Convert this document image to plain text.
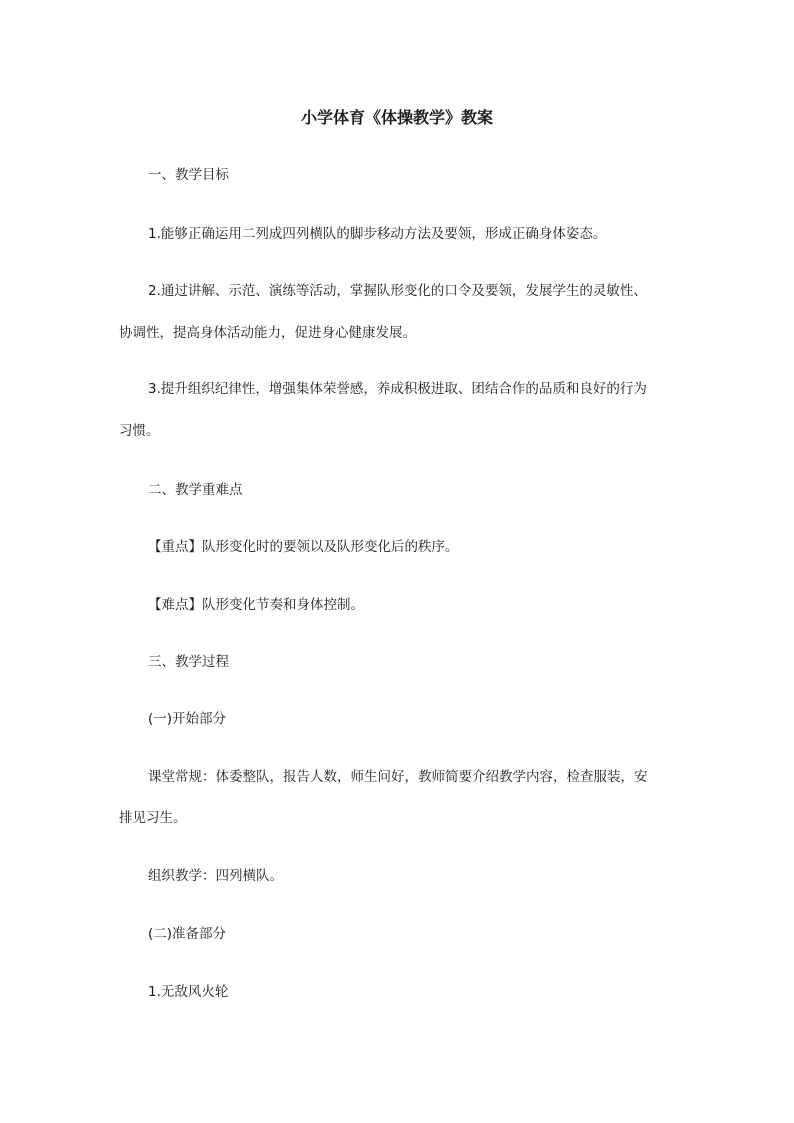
小学体育《体操教学》教案

一、教学目标

1.能够正确运用二列成四列横队的脚步移动方法及要领，形成正确身体姿态。

2.通过讲解、示范、演练等活动，掌握队形变化的口令及要领，发展学生的灵敏性、

协调性，提高身体活动能力，促进身心健康发展。

3.提升组织纪律性，增强集体荣誉感，养成积极进取、团结合作的品质和良好的行为

习惯。

二、教学重难点

【重点】队形变化时的要领以及队形变化后的秩序。

【难点】队形变化节奏和身体控制。

三、教学过程

(一)开始部分

课堂常规：体委整队，报告人数，师生问好，教师简要介绍教学内容，检查服装，安

排见习生。

组织教学：四列横队。

(二)准备部分

1.无敌风火轮
